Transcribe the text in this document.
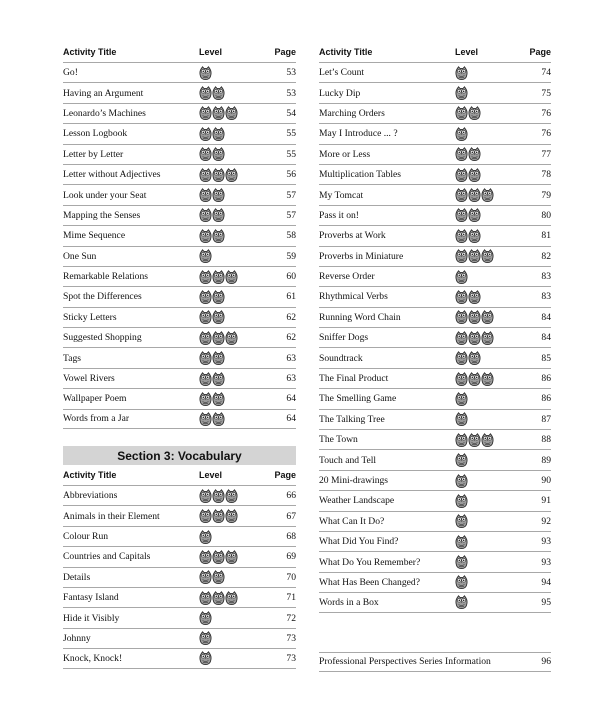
Activity Title	Level	Page
Go!	53
Having an Argument	53
Leonardo’s Machines	54
Lesson Logbook	55
Letter by Letter	55
Letter without Adjectives	56
Look under your Seat	57
Mapping the Senses	57
Mime Sequence	58
One Sun	59
Remarkable Relations	60
Spot the Differences	61
Sticky Letters	62
Suggested Shopping	62
Tags	63
Vowel Rivers	63
Wallpaper Poem	64
Words from a Jar	64
Section 3: Vocabulary
Activity Title	Level	Page
Abbreviations	66
Animals in their Element	67
Colour Run	68
Countries and Capitals	69
Details	70
Fantasy Island	71
Hide it Visibly	72
Johnny	73
Knock, Knock!	73
Activity Title	Level	Page
Let’s Count	74
Lucky Dip	75
Marching Orders	76
May I Introduce ... ?	76
More or Less	77
Multiplication Tables	78
My Tomcat	79
Pass it on!	80
Proverbs at Work	81
Proverbs in Miniature	82
Reverse Order	83
Rhythmical Verbs	83
Running Word Chain	84
Sniffer Dogs	84
Soundtrack	85
The Final Product	86
The Smelling Game	86
The Talking Tree	87
The Town	88
Touch and Tell	89
20 Mini-drawings	90
Weather Landscape	91
What Can It Do?	92
What Did You Find?	93
What Do You Remember?	93
What Has Been Changed?	94
Words in a Box	95
Professional Perspectives Series Information	96
